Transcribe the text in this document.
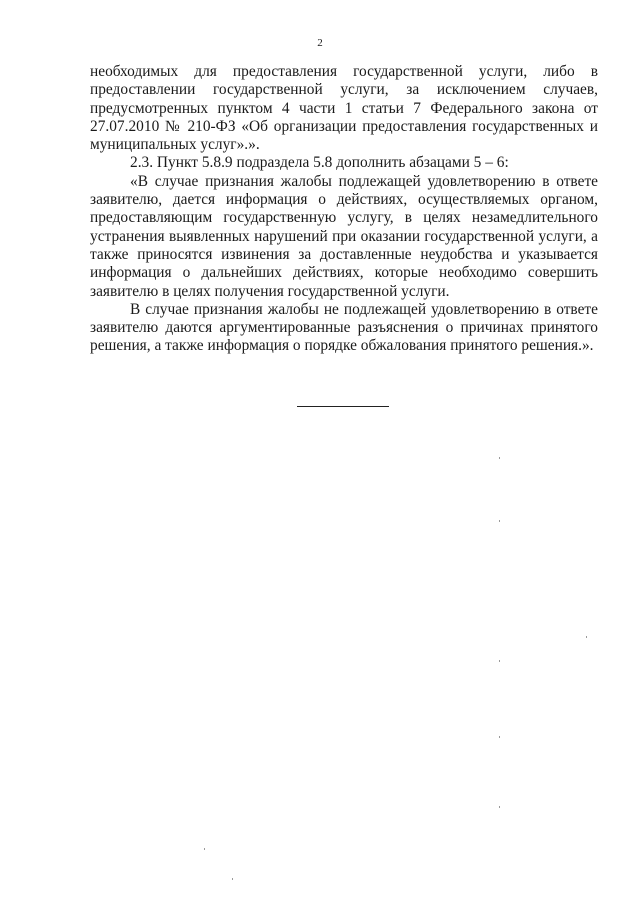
2

необходимых для предоставления государственной услуги, либо в предоставлении государственной услуги, за исключением случаев, предусмотренных пунктом 4 части 1 статьи 7 Федерального закона от 27.07.2010 № 210-ФЗ «Об организации предоставления государственных и муниципальных услуг».».

2.3. Пункт 5.8.9 подраздела 5.8 дополнить абзацами 5 – 6:

«В случае признания жалобы подлежащей удовлетворению в ответе заявителю, дается информация о действиях, осуществляемых органом, предоставляющим государственную услугу, в целях незамедлительного устранения выявленных нарушений при оказании государственной услуги, а также приносятся извинения за доставленные неудобства и указывается информация о дальнейших действиях, которые необходимо совершить заявителю в целях получения государственной услуги.

В случае признания жалобы не подлежащей удовлетворению в ответе заявителю даются аргументированные разъяснения о причинах принятого решения, а также информация о порядке обжалования принятого решения.».
